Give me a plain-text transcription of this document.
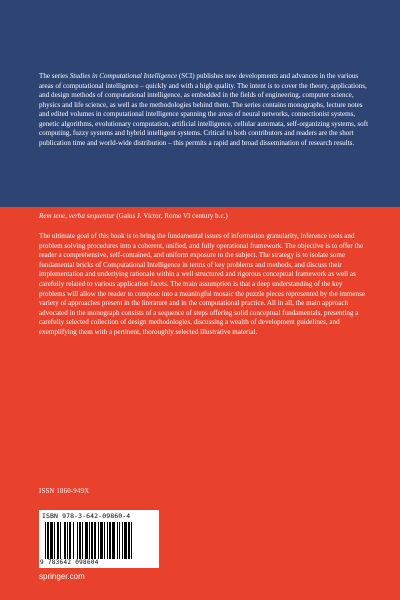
The series Studies in Computational Intelligence (SCI) publishes new developments and advances in the various areas of computational intelligence – quickly and with a high quality. The intent is to cover the theory, applications, and design methods of computational intelligence, as embedded in the fields of engineering, computer science, physics and life science, as well as the methodologies behind them. The series contains monographs, lecture notes and edited volumes in computational intelligence spanning the areas of neural networks, connectionist systems, genetic algorithms, evolutionary computation, artificial intelligence, cellular automata, self-organizing systems, soft computing, fuzzy systems and hybrid intelligent systems. Critical to both contributors and readers are the short publication time and world-wide distribution – this permits a rapid and broad dissemination of research results.

Rem tene, verba sequentur (Gaius J. Victor, Rome VI century b.c.)

The ultimate goal of this book is to bring the fundamental issues of information granularity, inference tools and problem solving procedures into a coherent, unified, and fully operational framework. The objective is to offer the reader a comprehensive, self-contained, and uniform exposure to the subject. The strategy is to isolate some fundamental bricks of Computational Intelligence in terms of key problems and methods, and discuss their implementation and underlying rationale within a well structured and rigorous conceptual framework as well as carefully related to various application facets. The main assumption is that a deep understanding of the key problems will allow the reader to compose into a meaningful mosaic the puzzle pieces represented by the immense variety of approaches present in the literature and in the computational practice. All in all, the main approach advocated in the monograph consists of a sequence of steps offering solid conceptual fundamentals, presenting a carefully selected collection of design methodologies, discussing a wealth of development guidelines, and exemplifying them with a pertinent, thoroughly selected illustrative material.

ISSN 1860-949X
ISBN 978-3-642-09860-4
9 783642 098604
springer.com
